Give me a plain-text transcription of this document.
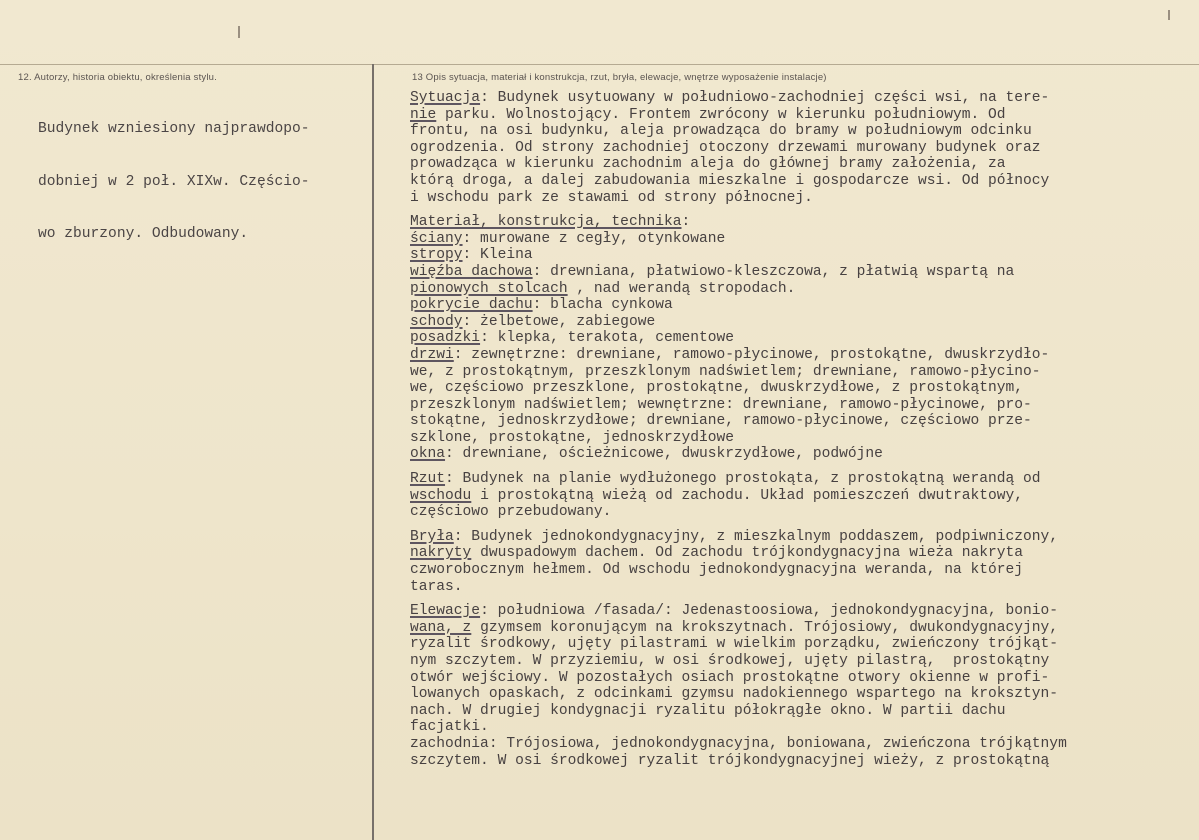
12. Autorzy, historia obiektu, określenia stylu.	13 Opis sytuacja, materiał i konstrukcja, rzut, bryła, elewacje, wnętrze wyposażenie instalacje)

Budynek wzniesiony najprawdopo-

dobniej w 2 poł. XIXw. Częścio-

wo zburzony. Odbudowany.

Sytuacja: Budynek usytuowany w południowo-zachodniej części wsi, na tere-
nie parku. Wolnostojący. Frontem zwrócony w kierunku południowym. Od
frontu, na osi budynku, aleja prowadząca do bramy w południowym odcinku
ogrodzenia. Od strony zachodniej otoczony drzewami murowany budynek oraz
prowadząca w kierunku zachodnim aleja do głównej bramy założenia, za
którą droga, a dalej zabudowania mieszkalne i gospodarcze wsi. Od północy
i wschodu park ze stawami od strony północnej.
Materiał, konstrukcja, technika:
ściany: murowane z cegły, otynkowane
stropy: Kleina
więźba dachowa: drewniana, płatwiowo-kleszczowa, z płatwią wspartą na
pionowych stolcach , nad werandą stropodach.
pokrycie dachu: blacha cynkowa
schody: żelbetowe, zabiegowe
posadzki: klepka, terakota, cementowe
drzwi: zewnętrzne: drewniane, ramowo-płycinowe, prostokątne, dwuskrzydło-
we, z prostokątnym, przeszklonym nadświetlem; drewniane, ramowo-płycino-
we, częściowo przeszklone, prostokątne, dwuskrzydłowe, z prostokątnym,
przeszklonym nadświetlem; wewnętrzne: drewniane, ramowo-płycinowe, pro-
stokątne, jednoskrzydłowe; drewniane, ramowo-płycinowe, częściowo prze-
szklone, prostokątne, jednoskrzydłowe
okna: drewniane, ościeżnicowe, dwuskrzydłowe, podwójne
Rzut: Budynek na planie wydłużonego prostokąta, z prostokątną werandą od
wschodu i prostokątną wieżą od zachodu. Układ pomieszczeń dwutraktowy,
częściowo przebudowany.
Bryła: Budynek jednokondygnacyjny, z mieszkalnym poddaszem, podpiwniczony,
nakryty dwuspadowym dachem. Od zachodu trójkondygnacyjna wieża nakryta
czworobocznym hełmem. Od wschodu jednokondygnacyjna weranda, na której
taras.
Elewacje: południowa /fasada/: Jedenastoosiowa, jednokondygnacyjna, bonio-
wana, z gzymsem koronującym na krokszytnach. Trójosiowy, dwukondygnacyjny,
ryzalit środkowy, ujęty pilastrami w wielkim porządku, zwieńczony trójkąt-
nym szczytem. W przyziemiu, w osi środkowej, ujęty pilastrą,  prostokątny
otwór wejściowy. W pozostałych osiach prostokątne otwory okienne w profi-
lowanych opaskach, z odcinkami gzymsu nadokiennego wspartego na kroksztyn-
nach. W drugiej kondygnacji ryzalitu półokrągłe okno. W partii dachu
facjatki.
zachodnia: Trójosiowa, jednokondygnacyjna, boniowana, zwieńczona trójkątnym
szczytem. W osi środkowej ryzalit trójkondygnacyjnej wieży, z prostokątną
